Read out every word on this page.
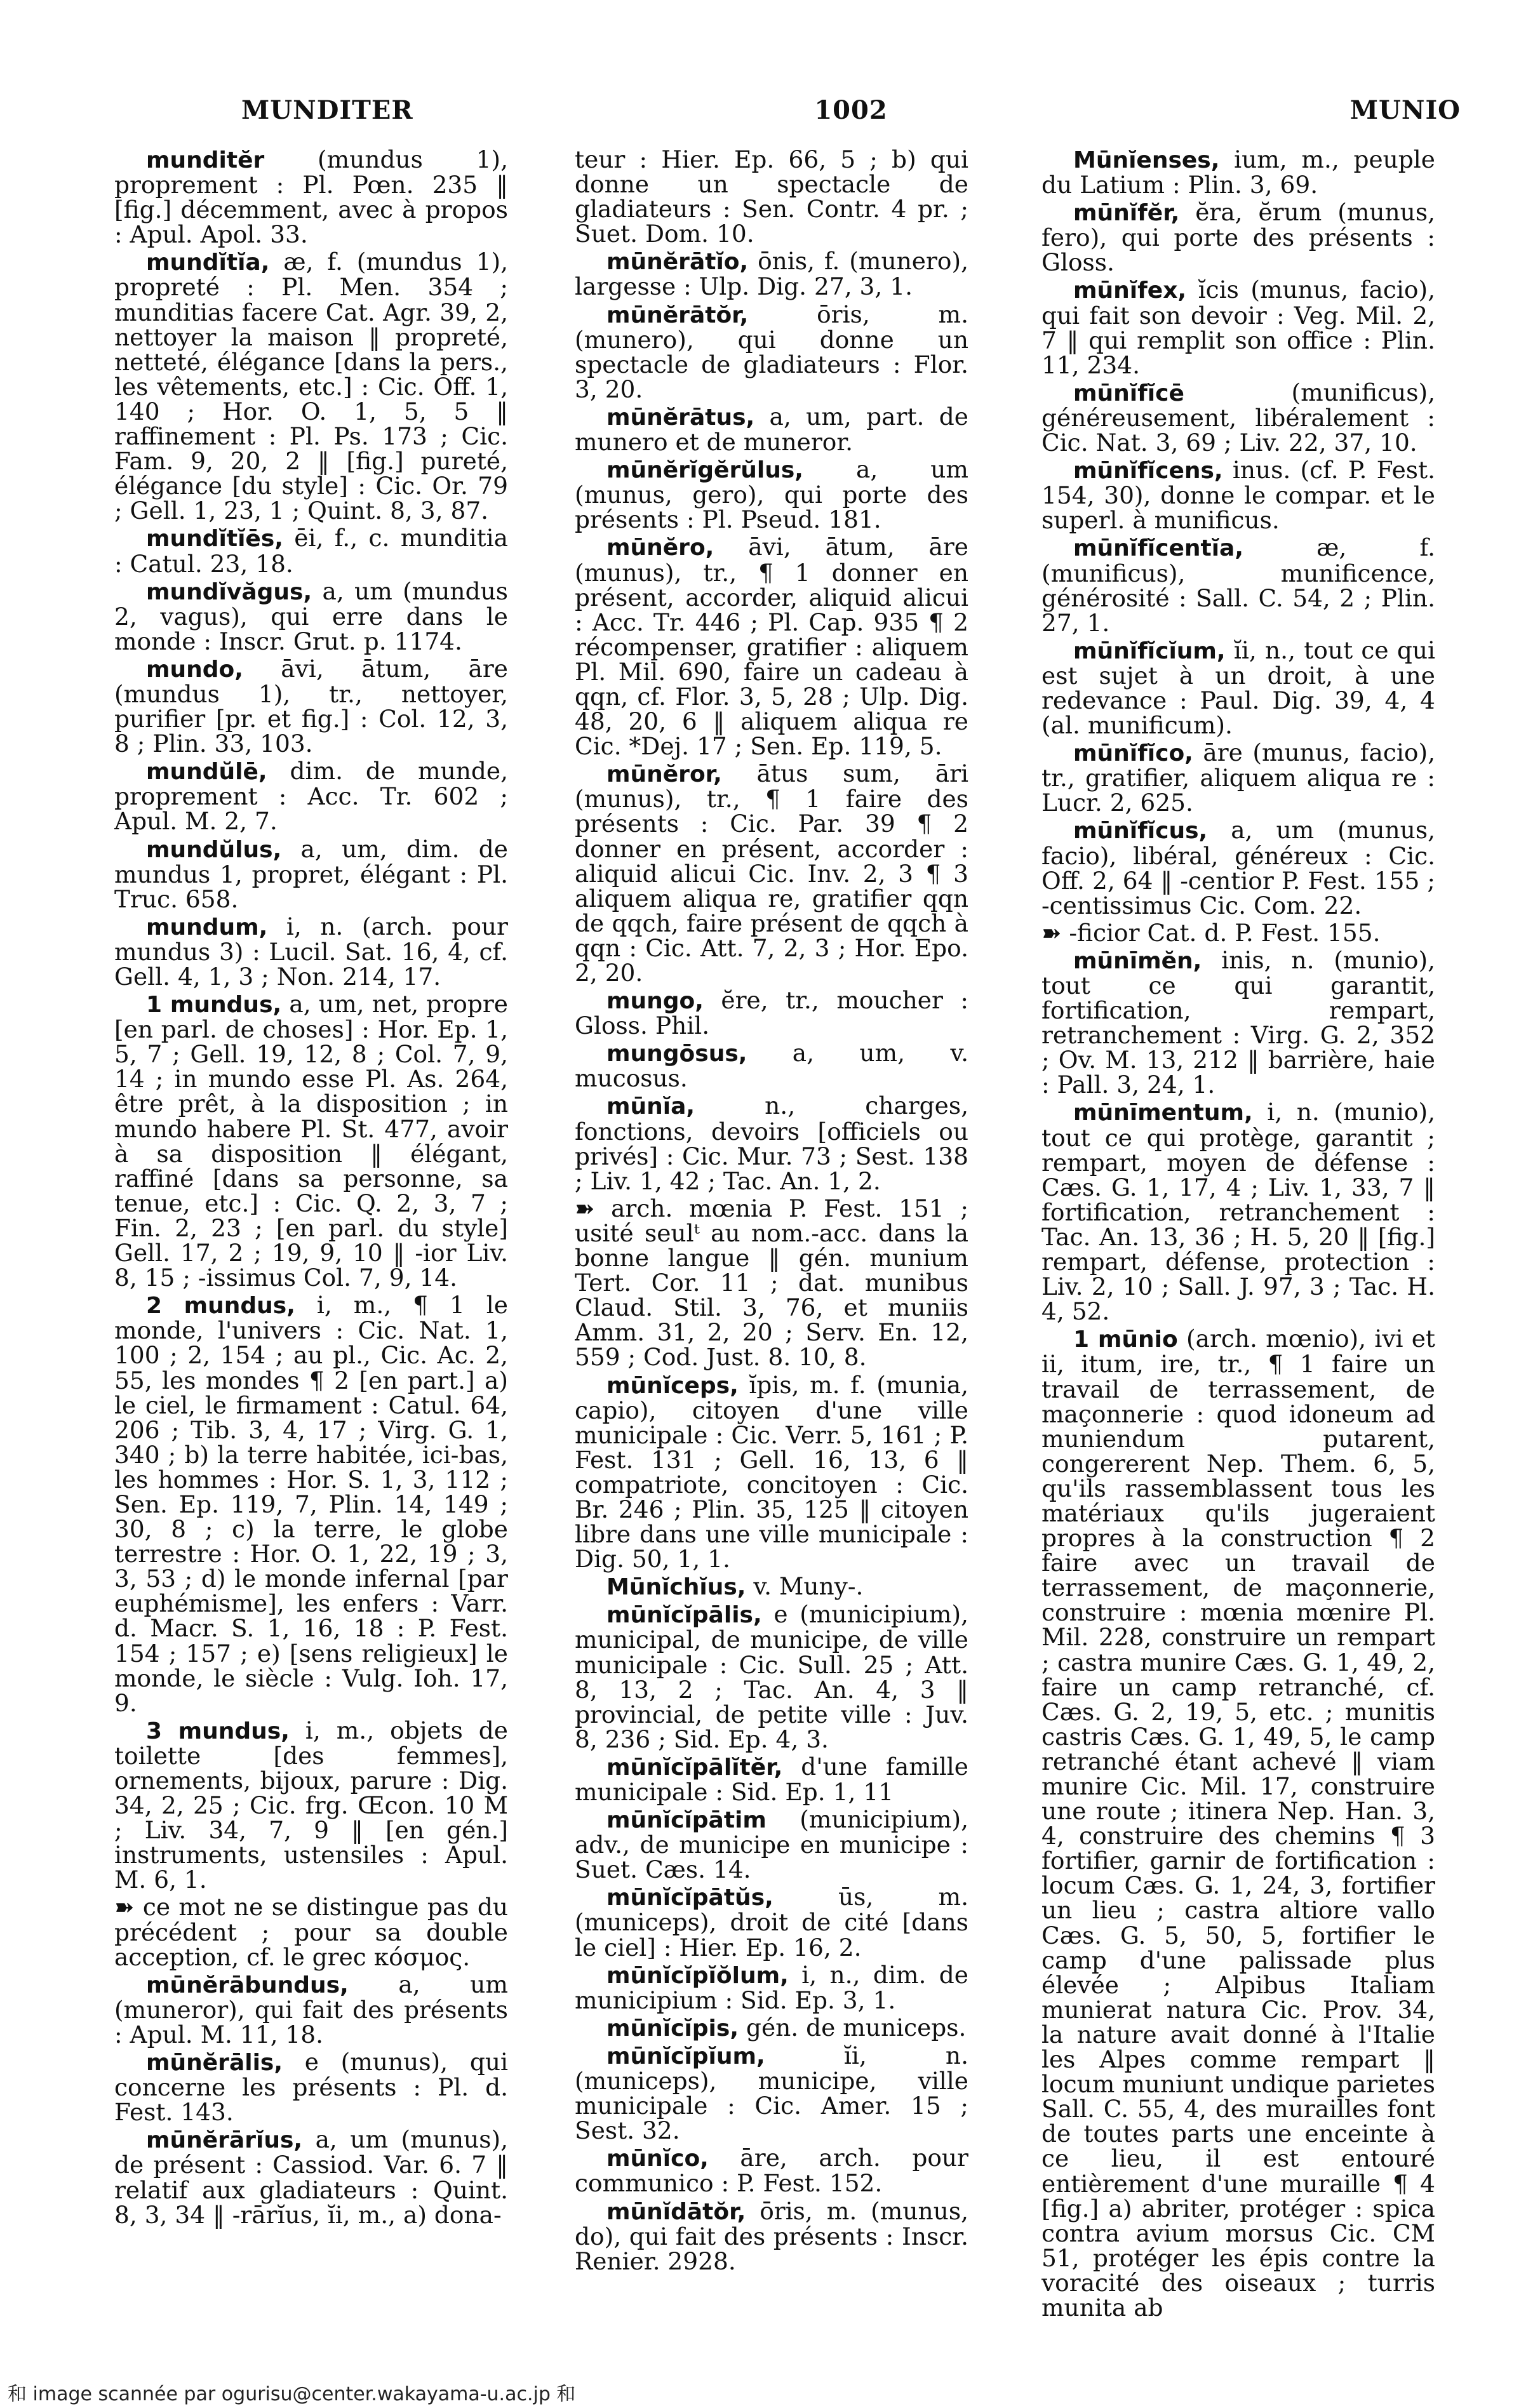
MUNDITER	1002	MUNIO

munditĕr (mundus 1), proprement : Pl. Pœn. 235 ‖ [fig.] décemment, avec à propos : Apul. Apol. 33.

mundĭtĭa, æ, f. (mundus 1), propreté : Pl. Men. 354 ; munditias facere Cat. Agr. 39, 2, nettoyer la maison ‖ propreté, netteté, élégance [dans la pers., les vêtements, etc.] : Cic. Off. 1, 140 ; Hor. O. 1, 5, 5 ‖ raffinement : Pl. Ps. 173 ; Cic. Fam. 9, 20, 2 ‖ [fig.] pureté, élégance [du style] : Cic. Or. 79 ; Gell. 1, 23, 1 ; Quint. 8, 3, 87.

mundĭtĭēs, ēi, f., c. munditia : Catul. 23, 18.

mundĭvăgus, a, um (mundus 2, vagus), qui erre dans le monde : Inscr. Grut. p. 1174.

mundo, āvi, ātum, āre (mundus 1), tr., nettoyer, purifier [pr. et fig.] : Col. 12, 3, 8 ; Plin. 33, 103.

mundŭlē, dim. de munde, proprement : Acc. Tr. 602 ; Apul. M. 2, 7.

mundŭlus, a, um, dim. de mundus 1, propret, élégant : Pl. Truc. 658.

mundum, i, n. (arch. pour mundus 3) : Lucil. Sat. 16, 4, cf. Gell. 4, 1, 3 ; Non. 214, 17.

1 mundus, a, um, net, propre [en parl. de choses] : Hor. Ep. 1, 5, 7 ; Gell. 19, 12, 8 ; Col. 7, 9, 14 ; in mundo esse Pl. As. 264, être prêt, à la disposition ; in mundo habere Pl. St. 477, avoir à sa disposition ‖ élégant, raffiné [dans sa personne, sa tenue, etc.] : Cic. Q. 2, 3, 7 ; Fin. 2, 23 ; [en parl. du style] Gell. 17, 2 ; 19, 9, 10 ‖ -ior Liv. 8, 15 ; -issimus Col. 7, 9, 14.

2 mundus, i, m., ¶ 1 le monde, l'univers : Cic. Nat. 1, 100 ; 2, 154 ; au pl., Cic. Ac. 2, 55, les mondes ¶ 2 [en part.] a) le ciel, le firmament : Catul. 64, 206 ; Tib. 3, 4, 17 ; Virg. G. 1, 340 ; b) la terre habitée, ici-bas, les hommes : Hor. S. 1, 3, 112 ; Sen. Ep. 119, 7, Plin. 14, 149 ; 30, 8 ; c) la terre, le globe terrestre : Hor. O. 1, 22, 19 ; 3, 3, 53 ; d) le monde infernal [par euphémisme], les enfers : Varr. d. Macr. S. 1, 16, 18 : P. Fest. 154 ; 157 ; e) [sens religieux] le monde, le siècle : Vulg. Ioh. 17, 9.

3 mundus, i, m., objets de toilette [des femmes], ornements, bijoux, parure : Dig. 34, 2, 25 ; Cic. frg. Œcon. 10 M ; Liv. 34, 7, 9 ‖ [en gén.] instruments, ustensiles : Apul. M. 6, 1.

➽ ce mot ne se distingue pas du précédent ; pour sa double acception, cf. le grec κόσμος.

mūnĕrābundus, a, um (muneror), qui fait des présents : Apul. M. 11, 18.

mūnĕrālis, e (munus), qui concerne les présents : Pl. d. Fest. 143.

mūnĕrārĭus, a, um (munus), de présent : Cassiod. Var. 6. 7 ‖ relatif aux gladiateurs : Quint. 8, 3, 34 ‖ -rārĭus, ĭi, m., a) dona-

teur : Hier. Ep. 66, 5 ; b) qui donne un spectacle de gladiateurs : Sen. Contr. 4 pr. ; Suet. Dom. 10.

mūnĕrātĭo, ōnis, f. (munero), largesse : Ulp. Dig. 27, 3, 1.

mūnĕrātŏr, ōris, m. (munero), qui donne un spectacle de gladiateurs : Flor. 3, 20.

mūnĕrātus, a, um, part. de munero et de muneror.

mūnĕrĭgĕrŭlus, a, um (munus, gero), qui porte des présents : Pl. Pseud. 181.

mūnĕro, āvi, ātum, āre (munus), tr., ¶ 1 donner en présent, accorder, aliquid alicui : Acc. Tr. 446 ; Pl. Cap. 935 ¶ 2 récompenser, gratifier : aliquem Pl. Mil. 690, faire un cadeau à qqn, cf. Flor. 3, 5, 28 ; Ulp. Dig. 48, 20, 6 ‖ aliquem aliqua re Cic. *Dej. 17 ; Sen. Ep. 119, 5.

mūnĕror, ātus sum, āri (munus), tr., ¶ 1 faire des présents : Cic. Par. 39 ¶ 2 donner en présent, accorder : aliquid alicui Cic. Inv. 2, 3 ¶ 3 aliquem aliqua re, gratifier qqn de qqch, faire présent de qqch à qqn : Cic. Att. 7, 2, 3 ; Hor. Epo. 2, 20.

mungo, ĕre, tr., moucher : Gloss. Phil.

mungōsus, a, um, v. mucosus.

mūnĭa, n., charges, fonctions, devoirs [officiels ou privés] : Cic. Mur. 73 ; Sest. 138 ; Liv. 1, 42 ; Tac. An. 1, 2.

➽ arch. mœnia P. Fest. 151 ; usité seulᵗ au nom.-acc. dans la bonne langue ‖ gén. munium Tert. Cor. 11 ; dat. munibus Claud. Stil. 3, 76, et muniis Amm. 31, 2, 20 ; Serv. En. 12, 559 ; Cod. Just. 8. 10, 8.

mūnĭceps, ĭpis, m. f. (munia, capio), citoyen d'une ville municipale : Cic. Verr. 5, 161 ; P. Fest. 131 ; Gell. 16, 13, 6 ‖ compatriote, concitoyen : Cic. Br. 246 ; Plin. 35, 125 ‖ citoyen libre dans une ville municipale : Dig. 50, 1, 1.

Mūnĭchĭus, v. Muny-.

mūnĭcĭpālis, e (municipium), municipal, de municipe, de ville municipale : Cic. Sull. 25 ; Att. 8, 13, 2 ; Tac. An. 4, 3 ‖ provincial, de petite ville : Juv. 8, 236 ; Sid. Ep. 4, 3.

mūnĭcĭpālĭtĕr, d'une famille municipale : Sid. Ep. 1, 11

mūnĭcĭpātim (municipium), adv., de municipe en municipe : Suet. Cæs. 14.

mūnĭcĭpātŭs, ūs, m. (municeps), droit de cité [dans le ciel] : Hier. Ep. 16, 2.

mūnĭcĭpĭŏlum, i, n., dim. de municipium : Sid. Ep. 3, 1.

mūnĭcĭpis, gén. de municeps.

mūnĭcĭpĭum, ĭi, n. (municeps), municipe, ville municipale : Cic. Amer. 15 ; Sest. 32.

mūnĭco, āre, arch. pour communico : P. Fest. 152.

mūnĭdātŏr, ōris, m. (munus, do), qui fait des présents : Inscr. Renier. 2928.

Mūnĭenses, ium, m., peuple du Latium : Plin. 3, 69.

mūnĭfĕr, ĕra, ĕrum (munus, fero), qui porte des présents : Gloss.

mūnĭfex, ĭcis (munus, facio), qui fait son devoir : Veg. Mil. 2, 7 ‖ qui remplit son office : Plin. 11, 234.

mūnĭfĭcē (munificus), généreusement, libéralement : Cic. Nat. 3, 69 ; Liv. 22, 37, 10.

mūnĭfĭcens, inus. (cf. P. Fest. 154, 30), donne le compar. et le superl. à munificus.

mūnĭfĭcentĭa, æ, f. (munificus), munificence, générosité : Sall. C. 54, 2 ; Plin. 27, 1.

mūnĭfĭcĭum, ĭi, n., tout ce qui est sujet à un droit, à une redevance : Paul. Dig. 39, 4, 4 (al. munificum).

mūnĭfĭco, āre (munus, facio), tr., gratifier, aliquem aliqua re : Lucr. 2, 625.

mūnĭfĭcus, a, um (munus, facio), libéral, généreux : Cic. Off. 2, 64 ‖ -centior P. Fest. 155 ; -centissimus Cic. Com. 22.

➽ -ficior Cat. d. P. Fest. 155.

mūnīmĕn, inis, n. (munio), tout ce qui garantit, fortification, rempart, retranchement : Virg. G. 2, 352 ; Ov. M. 13, 212 ‖ barrière, haie : Pall. 3, 24, 1.

mūnīmentum, i, n. (munio), tout ce qui protège, garantit ; rempart, moyen de défense : Cæs. G. 1, 17, 4 ; Liv. 1, 33, 7 ‖ fortification, retranchement : Tac. An. 13, 36 ; H. 5, 20 ‖ [fig.] rempart, défense, protection : Liv. 2, 10 ; Sall. J. 97, 3 ; Tac. H. 4, 52.

1 mūnio (arch. mœnio), ivi et ii, itum, ire, tr., ¶ 1 faire un travail de terrassement, de maçonnerie : quod idoneum ad muniendum putarent, congererent Nep. Them. 6, 5, qu'ils rassemblassent tous les matériaux qu'ils jugeraient propres à la construction ¶ 2 faire avec un travail de terrassement, de maçonnerie, construire : mœnia mœnire Pl. Mil. 228, construire un rempart ; castra munire Cæs. G. 1, 49, 2, faire un camp retranché, cf. Cæs. G. 2, 19, 5, etc. ; munitis castris Cæs. G. 1, 49, 5, le camp retranché étant achevé ‖ viam munire Cic. Mil. 17, construire une route ; itinera Nep. Han. 3, 4, construire des chemins ¶ 3 fortifier, garnir de fortification : locum Cæs. G. 1, 24, 3, fortifier un lieu ; castra altiore vallo Cæs. G. 5, 50, 5, fortifier le camp d'une palissade plus élevée ; Alpibus Italiam munierat natura Cic. Prov. 34, la nature avait donné à l'Italie les Alpes comme rempart ‖ locum muniunt undique parietes Sall. C. 55, 4, des murailles font de toutes parts une enceinte à ce lieu, il est entouré entièrement d'une muraille ¶ 4 [fig.] a) abriter, protéger : spica contra avium morsus Cic. CM 51, protéger les épis contre la voracité des oiseaux ; turris munita ab

和 image scannée par ogurisu@center.wakayama-u.ac.jp 和
